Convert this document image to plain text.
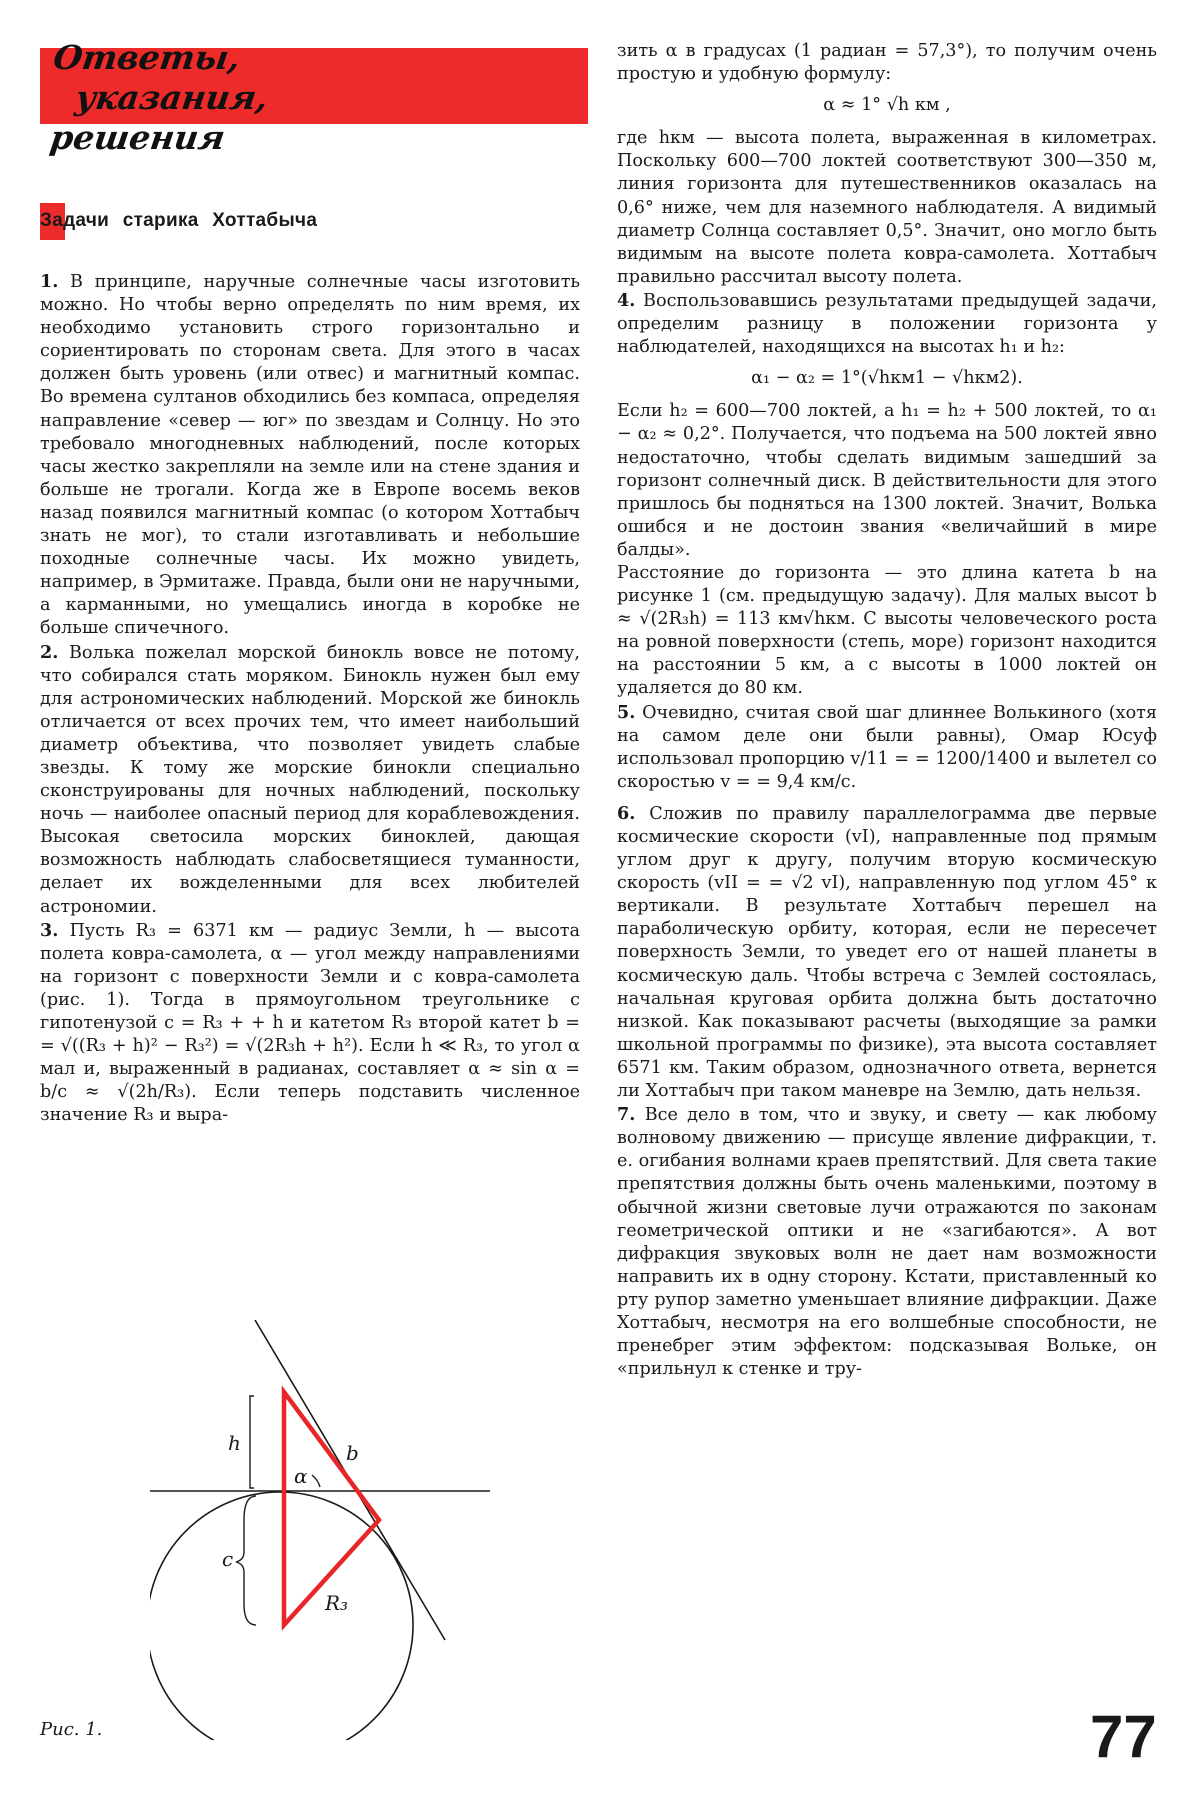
Ответы,
указания,
решения
Задачи старика Хоттабыча

1. В принципе, наручные солнечные часы изготовить можно. Но чтобы верно определять по ним время, их необходимо установить строго горизонтально и сориентировать по сторонам света. Для этого в часах должен быть уровень (или отвес) и магнитный компас. Во времена султанов обходились без компаса, определяя направление «север — юг» по звездам и Солнцу. Но это требовало многодневных наблюдений, после которых часы жестко закрепляли на земле или на стене здания и больше не трогали. Когда же в Европе восемь веков назад появился магнитный компас (о котором Хоттабыч знать не мог), то стали изготавливать и небольшие походные солнечные часы. Их можно увидеть, например, в Эрмитаже. Правда, были они не наручными, а карманными, но умещались иногда в коробке не больше спичечного.

2. Волька пожелал морской бинокль вовсе не потому, что собирался стать моряком. Бинокль нужен был ему для астрономических наблюдений. Морской же бинокль отличается от всех прочих тем, что имеет наибольший диаметр объектива, что позволяет увидеть слабые звезды. К тому же морские бинокли специально сконструированы для ночных наблюдений, поскольку ночь — наиболее опасный период для кораблевождения. Высокая светосила морских биноклей, дающая возможность наблюдать слабосветящиеся туманности, делает их вожделенными для всех любителей астрономии.

3. Пусть R₃ = 6371 км — радиус Земли, h — высота полета ковра-самолета, α — угол между направлениями на горизонт с поверхности Земли и с ковра-самолета (рис. 1). Тогда в прямоугольном треугольнике с гипотенузой c = R₃ + + h и катетом R₃ второй катет b = = √((R₃ + h)² − R₃²) = √(2R₃h + h²). Если h ≪ R₃, то угол α мал и, выраженный в радианах, составляет α ≈ sin α = b/c ≈ √(2h/R₃). Если теперь подставить численное значение R₃ и выра-

зить α в градусах (1 радиан = 57,3°), то получим очень простую и удобную формулу:

α ≈ 1° √h км ,

где hкм — высота полета, выраженная в километрах. Поскольку 600—700 локтей соответствуют 300—350 м, линия горизонта для путешественников оказалась на 0,6° ниже, чем для наземного наблюдателя. А видимый диаметр Солнца составляет 0,5°. Значит, оно могло быть видимым на высоте полета ковра-самолета. Хоттабыч правильно рассчитал высоту полета.

4. Воспользовавшись результатами предыдущей задачи, определим разницу в положении горизонта у наблюдателей, находящихся на высотах h₁ и h₂:

α₁ − α₂ = 1°(√hкм1 − √hкм2).

Если h₂ = 600—700 локтей, а h₁ = h₂ + 500 локтей, то α₁ − α₂ ≈ 0,2°. Получается, что подъема на 500 локтей явно недостаточно, чтобы сделать видимым зашедший за горизонт солнечный диск. В действительности для этого пришлось бы подняться на 1300 локтей. Значит, Волька ошибся и не достоин звания «величайший в мире балды».

Расстояние до горизонта — это длина катета b на рисунке 1 (см. предыдущую задачу). Для малых высот b ≈ √(2R₃h) = 113 км√hкм. С высоты человеческого роста на ровной поверхности (степь, море) горизонт находится на расстоянии 5 км, а с высоты в 1000 локтей он удаляется до 80 км.

5. Очевидно, считая свой шаг длиннее Волькиного (хотя на самом деле они были равны), Омар Юсуф использовал пропорцию v/11 = = 1200/1400 и вылетел со скоростью v = = 9,4 км/с.

6. Сложив по правилу параллелограмма две первые космические скорости (vI), направленные под прямым углом друг к другу, получим вторую космическую скорость (vII = = √2 vI), направленную под углом 45° к вертикали. В результате Хоттабыч перешел на параболическую орбиту, которая, если не пересечет поверхность Земли, то уведет его от нашей планеты в космическую даль. Чтобы встреча с Землей состоялась, начальная круговая орбита должна быть достаточно низкой. Как показывают расчеты (выходящие за рамки школьной программы по физике), эта высота составляет 6571 км. Таким образом, однозначного ответа, вернется ли Хоттабыч при таком маневре на Землю, дать нельзя.

7. Все дело в том, что и звуку, и свету — как любому волновому движению — присуще явление дифракции, т. е. огибания волнами краев препятствий. Для света такие препятствия должны быть очень маленькими, поэтому в обычной жизни световые лучи отражаются по законам геометрической оптики и не «загибаются». А вот дифракция звуковых волн не дает нам возможности направить их в одну сторону. Кстати, приставленный ко рту рупор заметно уменьшает влияние дифракции. Даже Хоттабыч, несмотря на его волшебные способности, не пренебрег этим эффектом: подсказывая Вольке, он «прильнул к стенке и тру-

h
α
b
c
R₃
Рис. 1.	77
